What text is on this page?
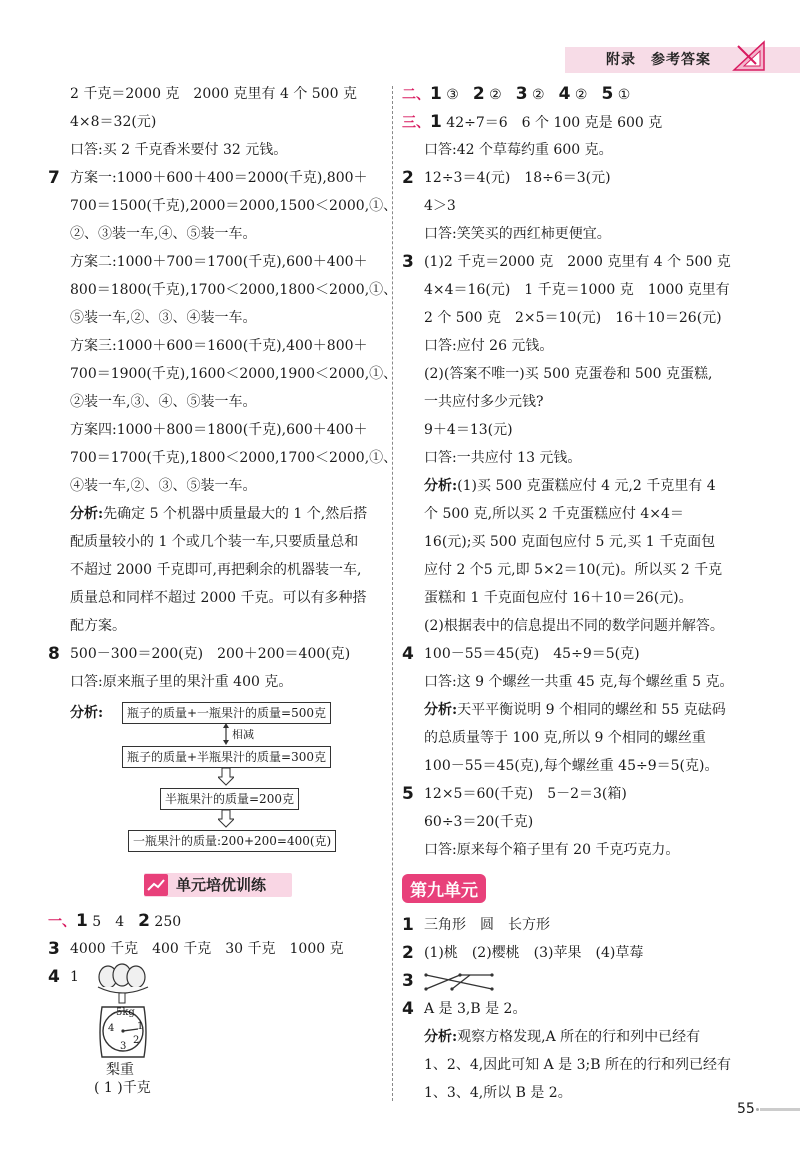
附录　参考答案
2 千克＝2000 克　2000 克里有 4 个 500 克
4×8＝32(元)
口答:买 2 千克香米要付 32 元钱。
7 方案一:1000＋600＋400＝2000(千克),800＋
700＝1500(千克),2000＝2000,1500＜2000,①、
②、③装一车,④、⑤装一车。
方案二:1000＋700＝1700(千克),600＋400＋
800＝1800(千克),1700＜2000,1800＜2000,①、
⑤装一车,②、③、④装一车。
方案三:1000＋600＝1600(千克),400＋800＋
700＝1900(千克),1600＜2000,1900＜2000,①、
②装一车,③、④、⑤装一车。
方案四:1000＋800＝1800(千克),600＋400＋
700＝1700(千克),1800＜2000,1700＜2000,①、
④装一车,②、③、⑤装一车。
分析:先确定 5 个机器中质量最大的 1 个,然后搭
配质量较小的 1 个或几个装一车,只要质量总和
不超过 2000 千克即可,再把剩余的机器装一车,
质量总和同样不超过 2000 千克。可以有多种搭
配方案。
8 500－300＝200(克)　200＋200＝400(克)
口答:原来瓶子里的果汁重 400 克。
分析:	瓶子的质量+一瓶果汁的质量=500克
相减
瓶子的质量+半瓶果汁的质量=300克
半瓶果汁的质量=200克
一瓶果汁的质量:200+200=400(克)
单元培优训练
一、1 5　4　 2 250
3 4000 千克　400 千克　30 千克　1000 克
4 1
5kg
1
2
3
4
梨重
( 1 )千克
二、1 ③　 2 ②　 3 ②　 4 ②　 5 ①
三、1 42÷7＝6　6 个 100 克是 600 克
口答:42 个草莓约重 600 克。
2 12÷3＝4(元)　18÷6＝3(元)
4＞3
口答:笑笑买的西红柿更便宜。
3 (1)2 千克＝2000 克　2000 克里有 4 个 500 克
4×4＝16(元)　1 千克＝1000 克　1000 克里有
2 个 500 克　2×5＝10(元)　16＋10＝26(元)
口答:应付 26 元钱。
(2)(答案不唯一)买 500 克蛋卷和 500 克蛋糕,
一共应付多少元钱?
9＋4＝13(元)
口答:一共应付 13 元钱。
分析:(1)买 500 克蛋糕应付 4 元,2 千克里有 4
个 500 克,所以买 2 千克蛋糕应付 4×4＝
16(元);买 500 克面包应付 5 元,买 1 千克面包
应付 2 个5 元,即 5×2＝10(元)。所以买 2 千克
蛋糕和 1 千克面包应付 16＋10＝26(元)。
(2)根据表中的信息提出不同的数学问题并解答。
4 100－55＝45(克)　45÷9＝5(克)
口答:这 9 个螺丝一共重 45 克,每个螺丝重 5 克。
分析:天平平衡说明 9 个相同的螺丝和 55 克砝码
的总质量等于 100 克,所以 9 个相同的螺丝重
100－55＝45(克),每个螺丝重 45÷9＝5(克)。
5 12×5＝60(千克)　5－2＝3(箱)
60÷3＝20(千克)
口答:原来每个箱子里有 20 千克巧克力。
第九单元
1 三角形　圆　长方形
2 (1)桃　(2)樱桃　(3)苹果　(4)草莓
3
4 A 是 3,B 是 2。
分析:观察方格发现,A 所在的行和列中已经有
1、2、4,因此可知 A 是 3;B 所在的行和列已经有
1、3、4,所以 B 是 2。
55
